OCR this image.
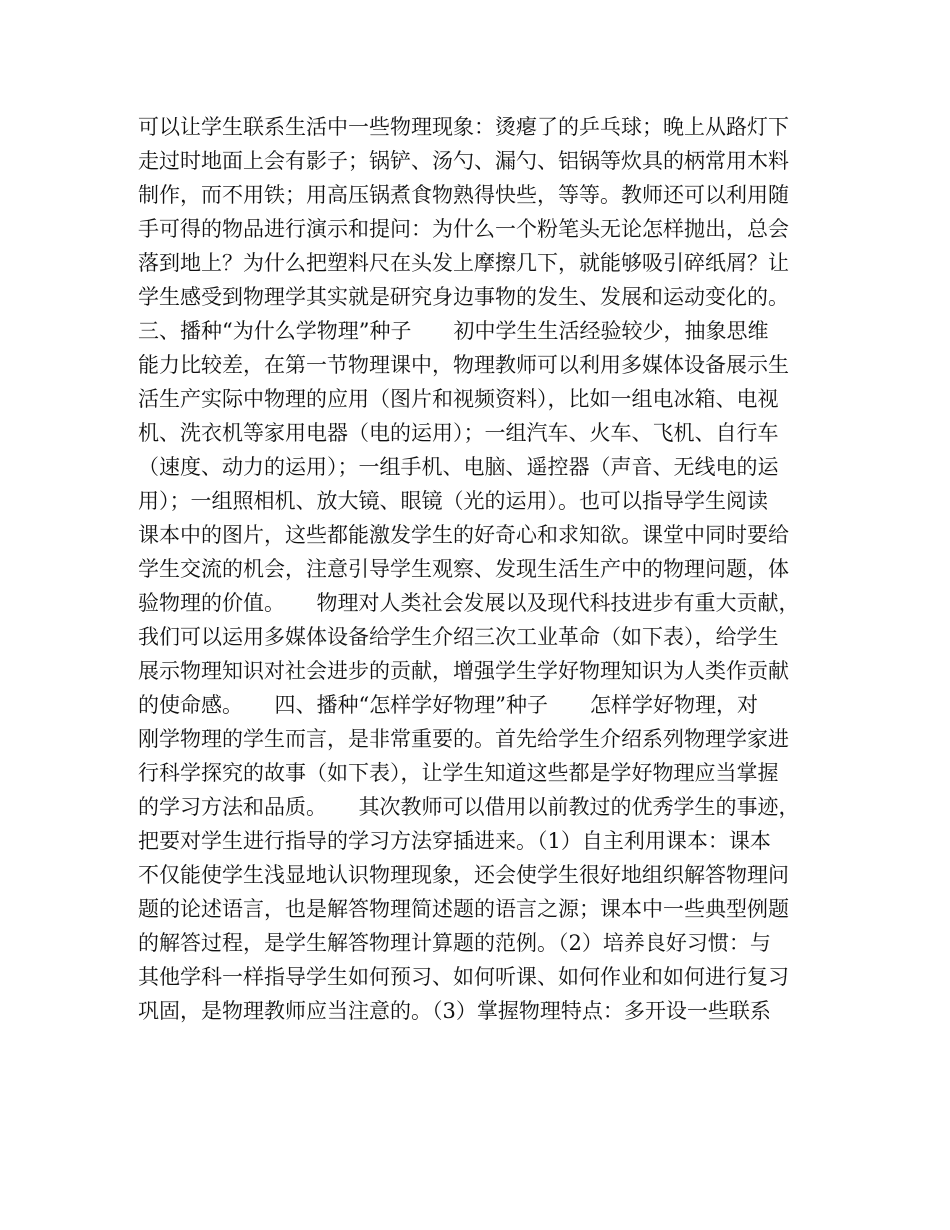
可以让学生联系生活中一些物理现象：烫瘪了的乒乓球；晚上从路灯下
走过时地面上会有影子；锅铲、汤勺、漏勺、铝锅等炊具的柄常用木料
制作，而不用铁；用高压锅煮食物熟得快些，等等。教师还可以利用随
手可得的物品进行演示和提问：为什么一个粉笔头无论怎样抛出，总会
落到地上？为什么把塑料尺在头发上摩擦几下，就能够吸引碎纸屑？让
学生感受到物理学其实就是研究身边事物的发生、发展和运动变化的。
三、播种“为什么学物理”种子　　初中学生生活经验较少，抽象思维
能力比较差，在第一节物理课中，物理教师可以利用多媒体设备展示生
活生产实际中物理的应用（图片和视频资料），比如一组电冰箱、电视
机、洗衣机等家用电器（电的运用）；一组汽车、火车、飞机、自行车
（速度、动力的运用）；一组手机、电脑、遥控器（声音、无线电的运
用）；一组照相机、放大镜、眼镜（光的运用）。也可以指导学生阅读
课本中的图片，这些都能激发学生的好奇心和求知欲。课堂中同时要给
学生交流的机会，注意引导学生观察、发现生活生产中的物理问题，体
验物理的价值。　　物理对人类社会发展以及现代科技进步有重大贡献，
我们可以运用多媒体设备给学生介绍三次工业革命（如下表），给学生
展示物理知识对社会进步的贡献，增强学生学好物理知识为人类作贡献
的使命感。　　四、播种“怎样学好物理”种子　　怎样学好物理，对
刚学物理的学生而言，是非常重要的。首先给学生介绍系列物理学家进
行科学探究的故事（如下表），让学生知道这些都是学好物理应当掌握
的学习方法和品质。　　其次教师可以借用以前教过的优秀学生的事迹，
把要对学生进行指导的学习方法穿插进来。（1）自主利用课本：课本
不仅能使学生浅显地认识物理现象，还会使学生很好地组织解答物理问
题的论述语言，也是解答物理简述题的语言之源；课本中一些典型例题
的解答过程，是学生解答物理计算题的范例。（2）培养良好习惯：与
其他学科一样指导学生如何预习、如何听课、如何作业和如何进行复习
巩固，是物理教师应当注意的。（3）掌握物理特点：多开设一些联系
